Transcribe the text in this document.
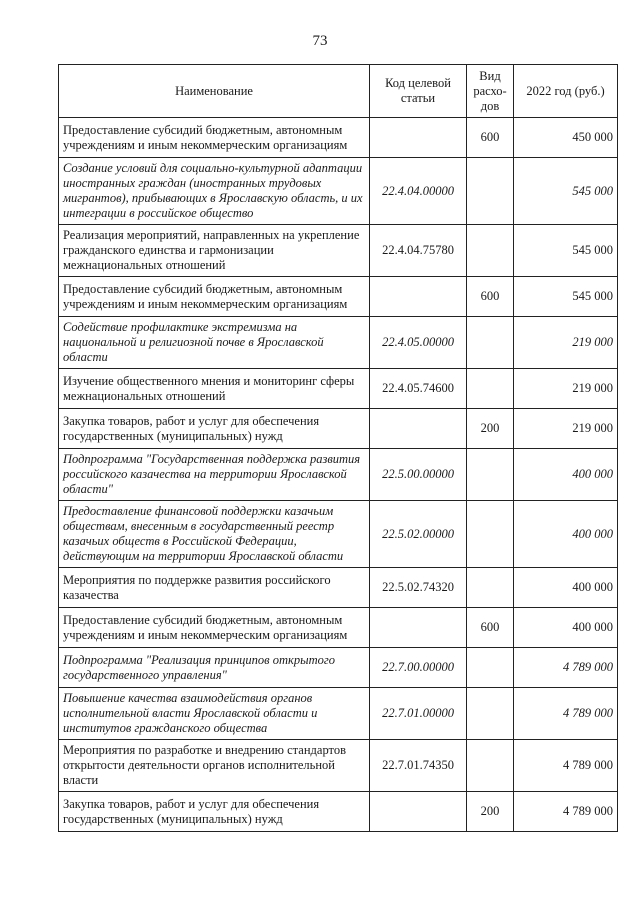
73
Наименование	Код целевой статьи	Вид расхо-дов	2022 год (руб.)
Предоставление субсидий бюджетным, автономным учреждениям и иным некоммерческим организациям		600	450 000
Создание условий для социально-культурной адаптации иностранных граждан (иностранных трудовых мигрантов), прибывающих в Ярославскую область, и их интеграции в российское общество	22.4.04.00000		545 000
Реализация мероприятий, направленных на укрепление гражданского единства и гармонизации межнациональных отношений	22.4.04.75780		545 000
Предоставление субсидий бюджетным, автономным учреждениям и иным некоммерческим организациям		600	545 000
Содействие профилактике экстремизма на национальной и религиозной почве в Ярославской области	22.4.05.00000		219 000
Изучение общественного мнения и мониторинг сферы межнациональных отношений	22.4.05.74600		219 000
Закупка товаров, работ и услуг для обеспечения государственных (муниципальных) нужд		200	219 000
Подпрограмма "Государственная поддержка развития российского казачества на территории Ярославской области"	22.5.00.00000		400 000
Предоставление финансовой поддержки казачьим обществам, внесенным в государственный реестр казачьих обществ в Российской Федерации, действующим на территории Ярославской области	22.5.02.00000		400 000
Мероприятия по поддержке развития российского казачества	22.5.02.74320		400 000
Предоставление субсидий бюджетным, автономным учреждениям и иным некоммерческим организациям		600	400 000
Подпрограмма "Реализация принципов открытого государственного управления"	22.7.00.00000		4 789 000
Повышение качества взаимодействия органов исполнительной власти Ярославской области и институтов гражданского общества	22.7.01.00000		4 789 000
Мероприятия по разработке и внедрению стандартов открытости деятельности органов исполнительной власти	22.7.01.74350		4 789 000
Закупка товаров, работ и услуг для обеспечения государственных (муниципальных) нужд		200	4 789 000
